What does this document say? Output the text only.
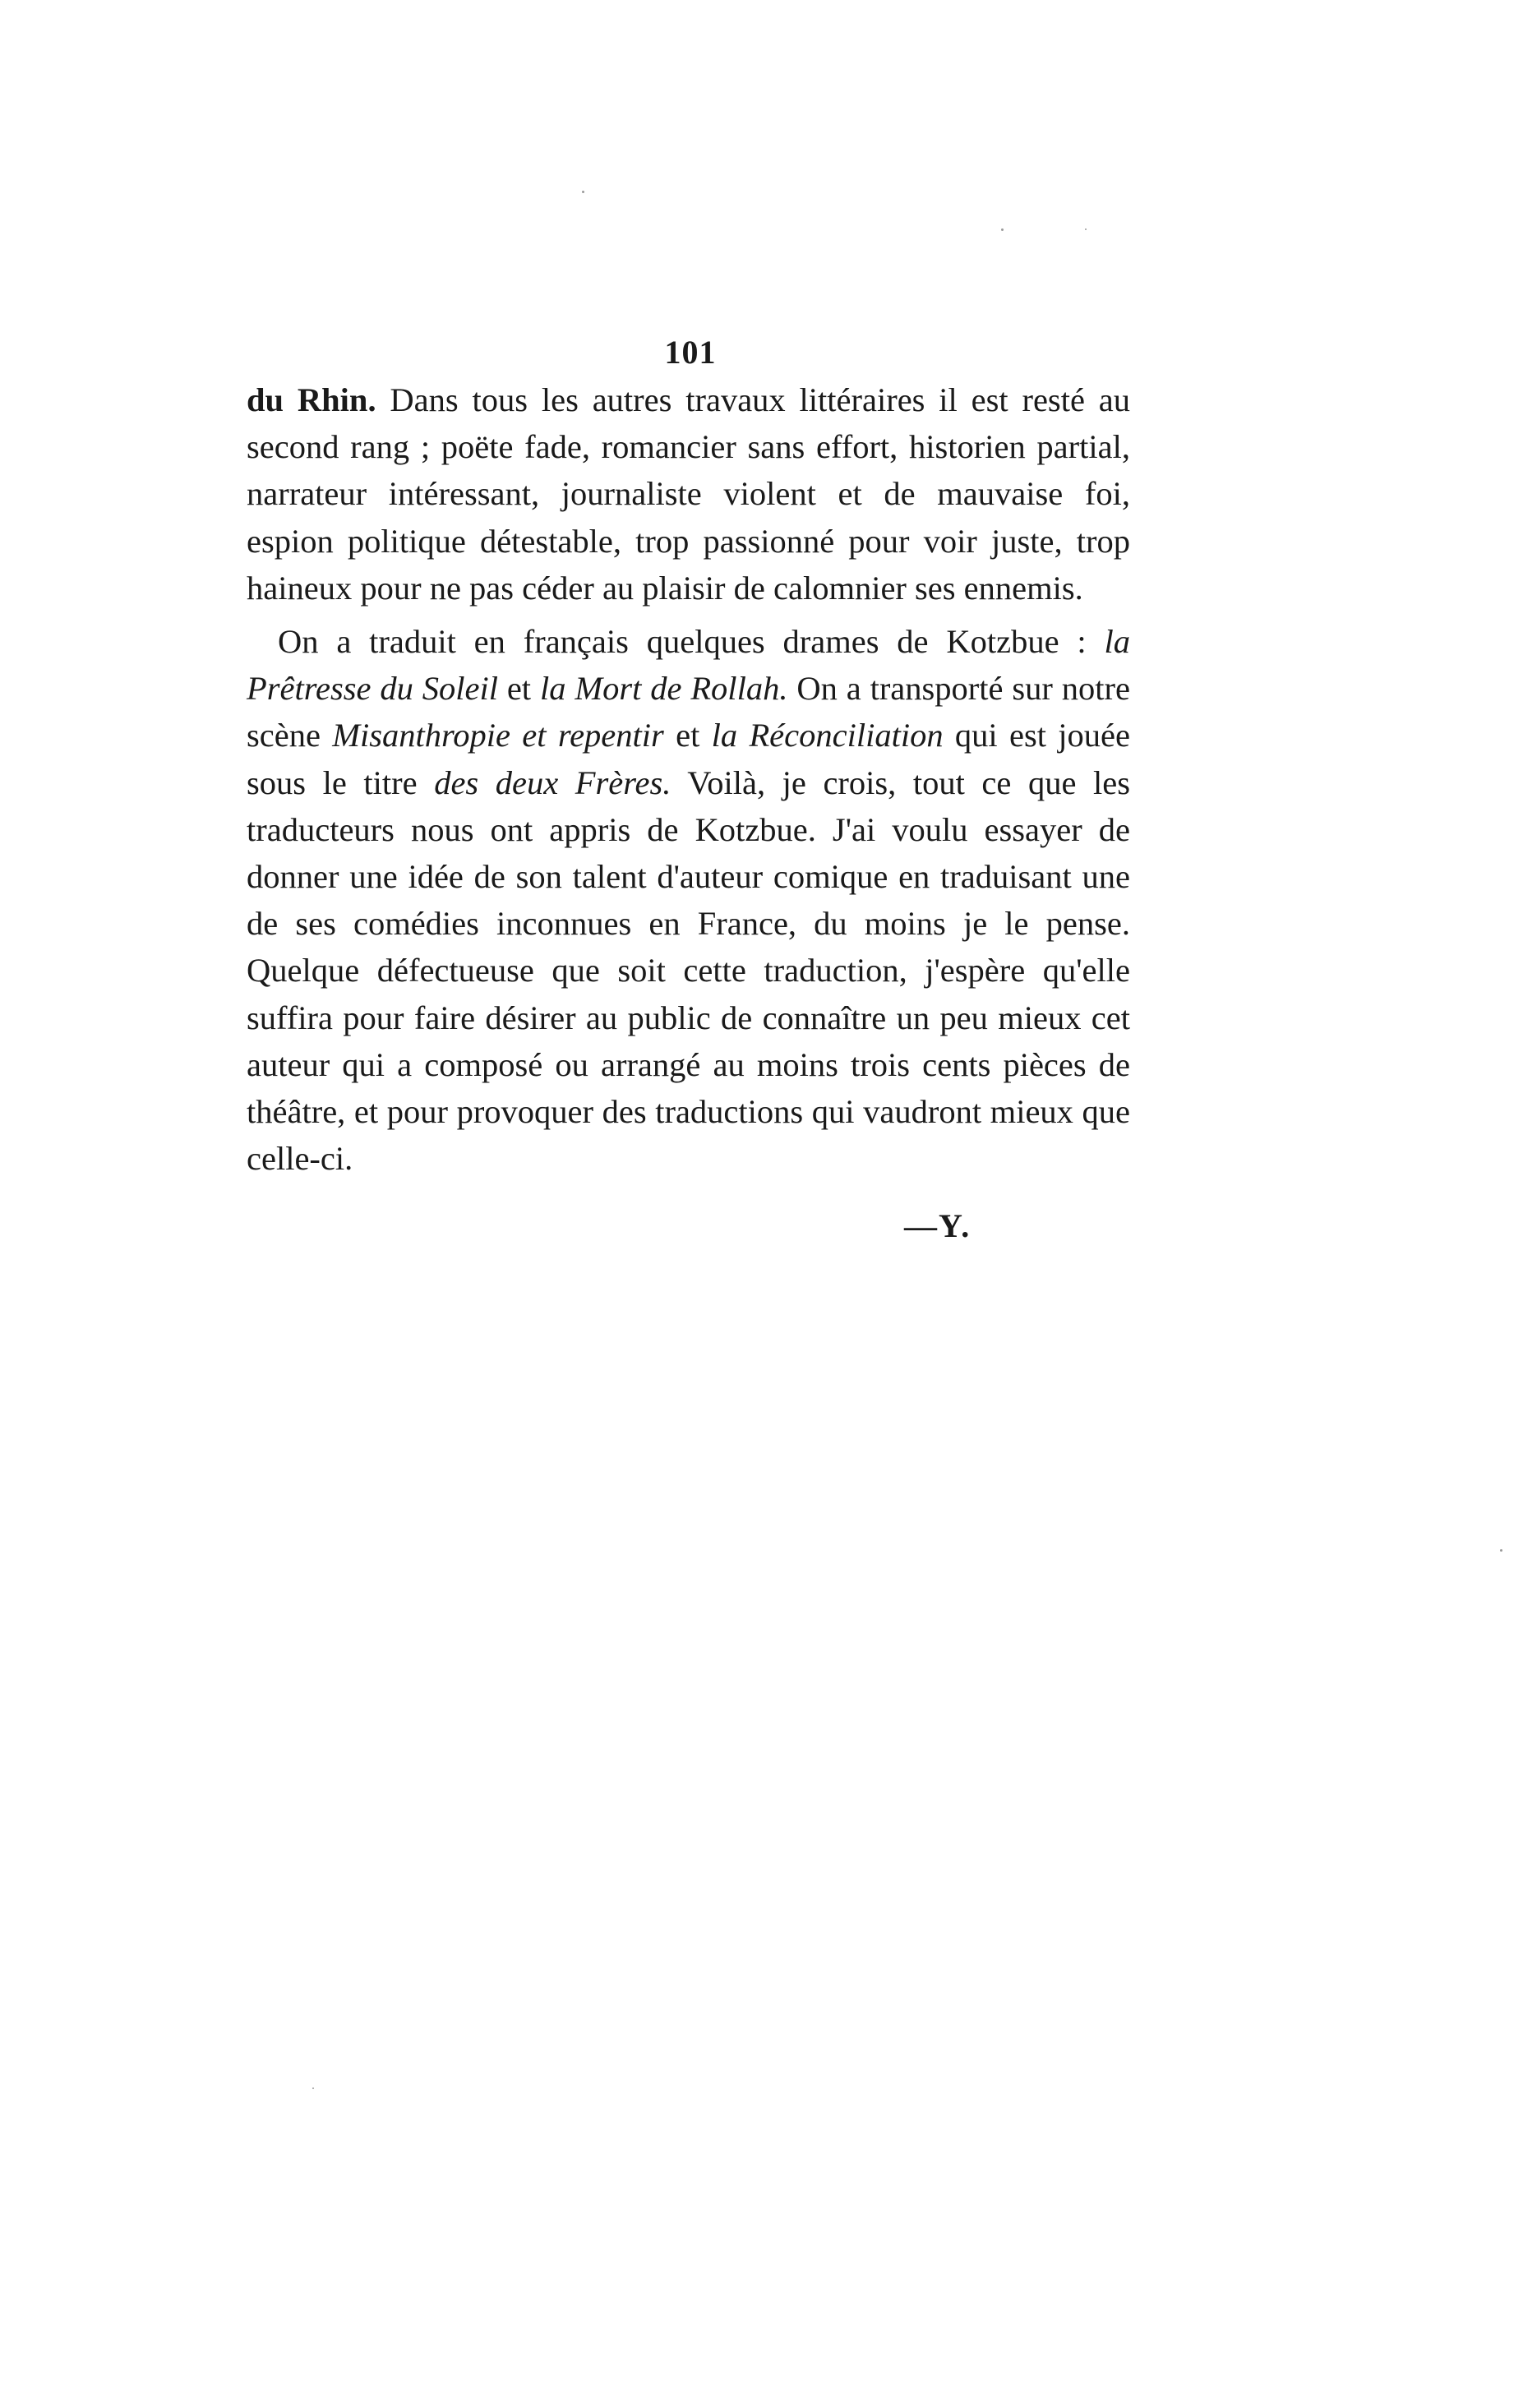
101

du Rhin. Dans tous les autres travaux littéraires il est resté au second rang ; poëte fade, romancier sans effort, historien partial, narrateur intéressant, journaliste violent et de mauvaise foi, espion politique détestable, trop passionné pour voir juste, trop haineux pour ne pas céder au plaisir de calomnier ses ennemis.

On a traduit en français quelques drames de Kotzbue : la Prêtresse du Soleil et la Mort de Rollah. On a transporté sur notre scène Misanthropie et repentir et la Réconciliation qui est jouée sous le titre des deux Frères. Voilà, je crois, tout ce que les traducteurs nous ont appris de Kotzbue. J'ai voulu essayer de donner une idée de son talent d'auteur comique en traduisant une de ses comédies inconnues en France, du moins je le pense. Quelque défectueuse que soit cette traduction, j'espère qu'elle suffira pour faire désirer au public de connaître un peu mieux cet auteur qui a composé ou arrangé au moins trois cents pièces de théâtre, et pour provoquer des traductions qui vaudront mieux que celle-ci.

—Y.
